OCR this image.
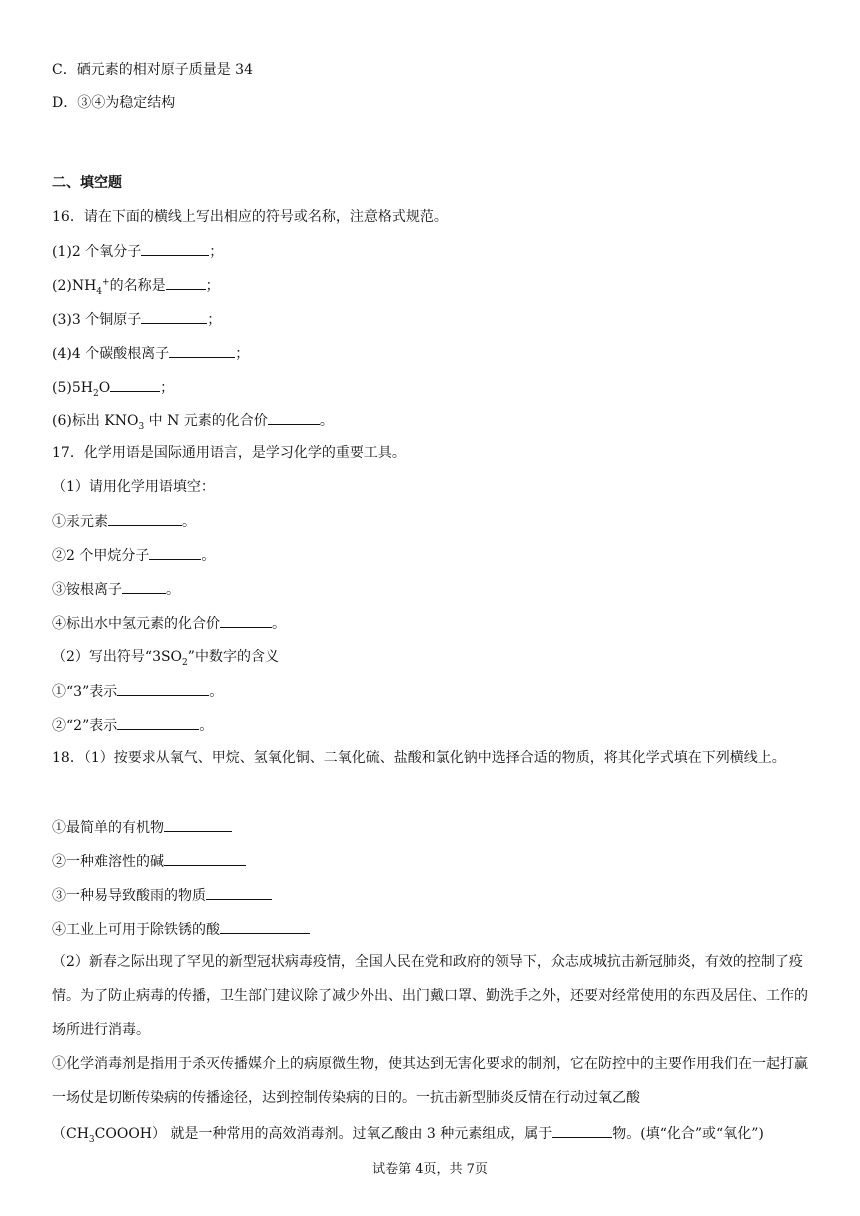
C．硒元素的相对原子质量是 34
D．③④为稳定结构
二、填空题
16．请在下面的横线上写出相应的符号或名称，注意格式规范。
(1)2 个氧分子	；
$(2)NH_4^+$的名称是	；
(3)3 个铜原子	；
(4)4 个碳酸根离子	；
$(5)5H_2O$	；
(6)标出 $KNO_3$ 中 N 元素的化合价	。
17．化学用语是国际通用语言，是学习化学的重要工具。
（1）请用化学用语填空：
①汞元素	。
②2 个甲烷分子	。
③铵根离子	。
④标出水中氢元素的化合价	。
（2）写出符号“$3SO_2$”中数字的含义
①“3”表示	。
②“2”表示	。
18．（1）按要求从氧气、甲烷、氢氧化铜、二氧化硫、盐酸和氯化钠中选择合适的物质，将其化学式填在下列横线上。
①最简单的有机物
②一种难溶性的碱
③一种易导致酸雨的物质
④工业上可用于除铁锈的酸
（2）新春之际出现了罕见的新型冠状病毒疫情，全国人民在党和政府的领导下，众志成城抗击新冠肺炎，有效的控制了疫情。为了防止病毒的传播，卫生部门建议除了减少外出、出门戴口罩、勤洗手之外，还要对经常使用的东西及居住、工作的场所进行消毒。
①化学消毒剂是指用于杀灭传播媒介上的病原微生物，使其达到无害化要求的制剂，它在防控中的主要作用我们在一起打赢一场仗是切断传染病的传播途径，达到控制传染病的日的。一抗击新型肺炎反情在行动过氧乙酸
$(CH_3COOOH)$ 就是一种常用的高效消毒剂。过氧乙酸由 3 种元素组成，属于	物。(填“化合”或“氧化”)
试卷第 4页，共 7页
